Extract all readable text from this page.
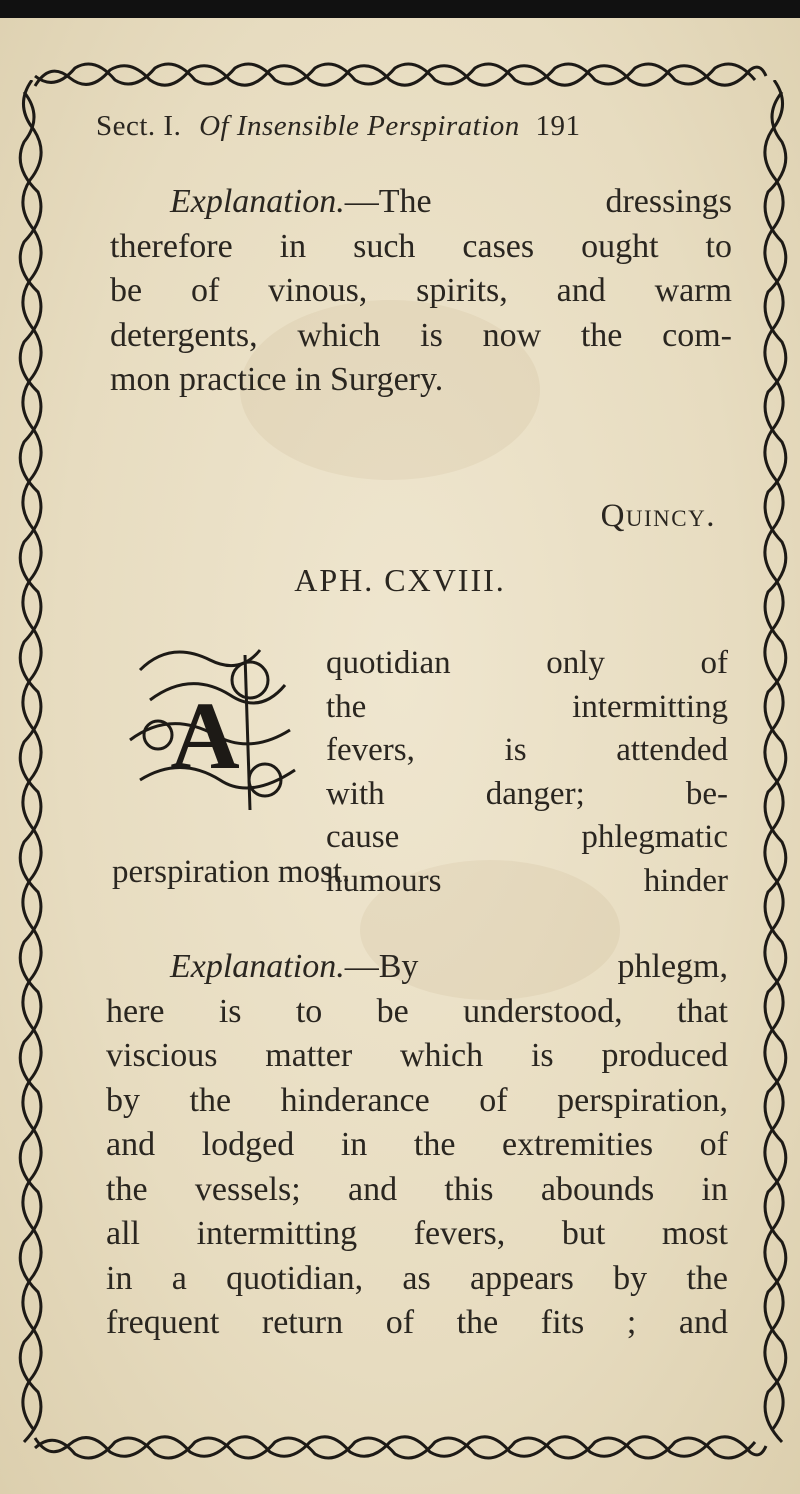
Sect. I. Of Insensible Perspiration 191
Explanation.—The dressings
therefore in such cases ought to
be of vinous, spirits, and warm
detergents, which is now the com-
mon practice in Surgery.
Quincy.
APH. CXVIII.
A
quotidian only of
the intermitting
fevers, is attended
with danger; be-
cause phlegmatic
humours hinder
perspiration most.
Explanation.—By phlegm,
here is to be understood, that
viscious matter which is produced
by the hinderance of perspiration,
and lodged in the extremities of
the vessels; and this abounds in
all intermitting fevers, but most
in a quotidian, as appears by the
frequent return of the fits ; and
